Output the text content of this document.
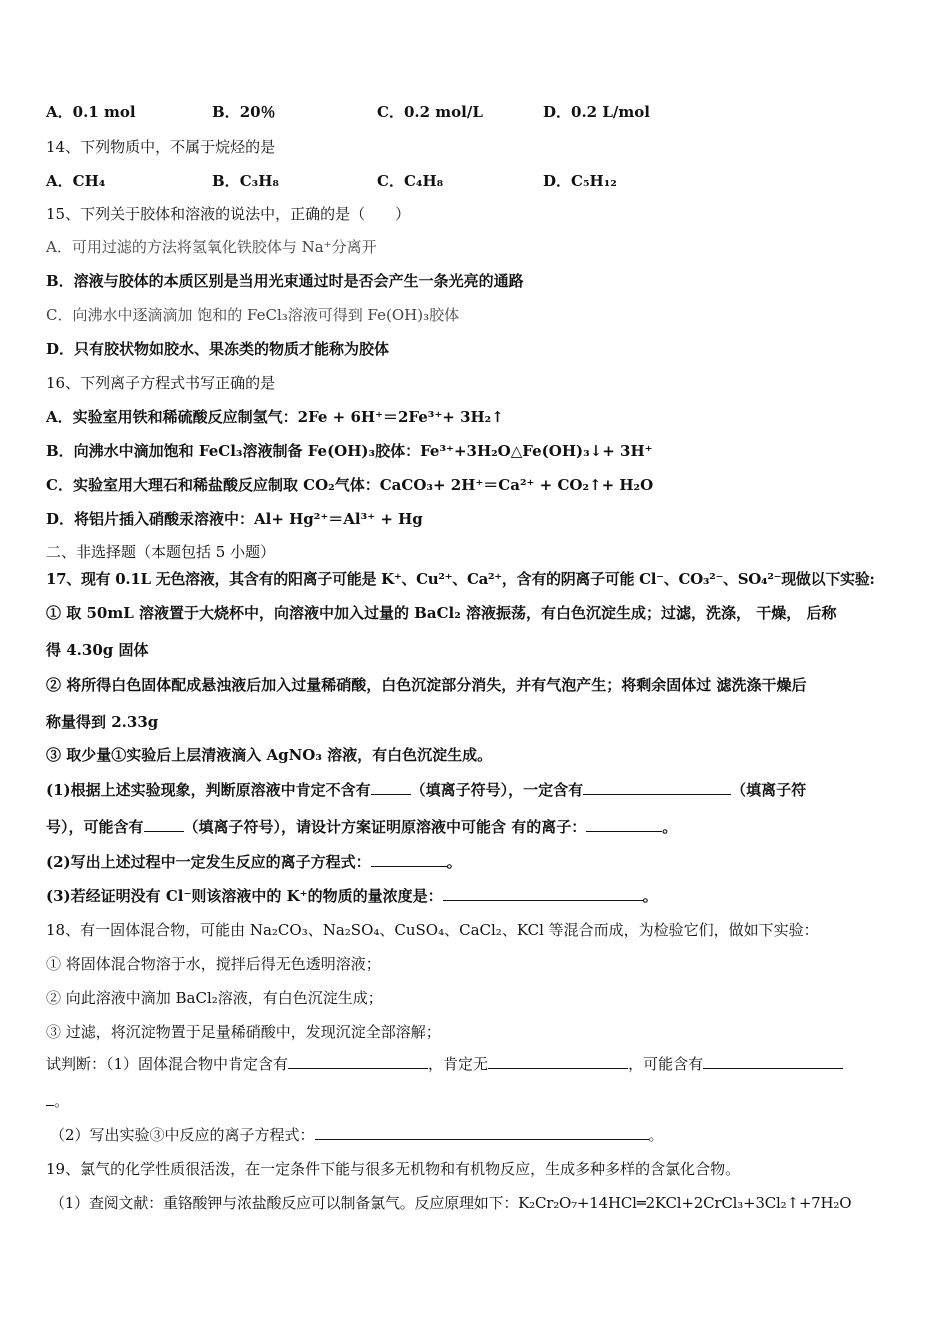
A．0.1 mol	B．20％	C．0.2 mol/L	D．0.2 L/mol
14、下列物质中，不属于烷烃的是
A．CH₄	B．C₃H₈	C．C₄H₈	D．C₅H₁₂
15、下列关于胶体和溶液的说法中，正确的是（　　）
A．可用过滤的方法将氢氧化铁胶体与 Na⁺分离开
B．溶液与胶体的本质区别是当用光束通过时是否会产生一条光亮的通路
C．向沸水中逐滴滴加 饱和的 FeCl₃溶液可得到 Fe(OH)₃胶体
D．只有胶状物如胶水、果冻类的物质才能称为胶体
16、下列离子方程式书写正确的是
A．实验室用铁和稀硫酸反应制氢气：2Fe + 6H⁺＝2Fe³⁺+ 3H₂↑
B．向沸水中滴加饱和 FeCl₃溶液制备 Fe(OH)₃胶体：Fe³⁺+3H₂O△Fe(OH)₃↓+ 3H⁺
C．实验室用大理石和稀盐酸反应制取 CO₂气体：CaCO₃+ 2H⁺＝Ca²⁺ + CO₂↑+ H₂O
D．将铝片插入硝酸汞溶液中：Al+ Hg²⁺＝Al³⁺ + Hg
二、非选择题（本题包括 5 小题）
17、现有 0.1L 无色溶液，其含有的阳离子可能是 K⁺、Cu²⁺、Ca²⁺，含有的阴离子可能 Cl⁻、CO₃²⁻、SO₄²⁻现做以下实验:
① 取 50mL 溶液置于大烧杯中，向溶液中加入过量的 BaCl₂ 溶液振荡，有白色沉淀生成；过滤，洗涤， 干燥， 后称
得 4.30g 固体
② 将所得白色固体配成悬浊液后加入过量稀硝酸，白色沉淀部分消失，并有气泡产生；将剩余固体过 滤洗涤干燥后
称量得到 2.33g
③ 取少量①实验后上层清液滴入 AgNO₃ 溶液，有白色沉淀生成。
(1)根据上述实验现象，判断原溶液中肯定不含有	（填离子符号），一定含有	（填离子符
号），可能含有	（填离子符号），请设计方案证明原溶液中可能含 有的离子：	。
(2)写出上述过程中一定发生反应的离子方程式：	。
(3)若经证明没有 Cl⁻则该溶液中的 K⁺的物质的量浓度是：	。
18、有一固体混合物，可能由 Na₂CO₃、Na₂SO₄、CuSO₄、CaCl₂、KCl 等混合而成，为检验它们，做如下实验：
① 将固体混合物溶于水，搅拌后得无色透明溶液；
② 向此溶液中滴加 BaCl₂溶液，有白色沉淀生成；
③ 过滤，将沉淀物置于足量稀硝酸中，发现沉淀全部溶解；
试判断：（1）固体混合物中肯定含有	，肯定无	，可能含有
。
（2）写出实验③中反应的离子方程式：	。
19、氯气的化学性质很活泼，在一定条件下能与很多无机物和有机物反应，生成多种多样的含氯化合物。
（1）查阅文献：重铬酸钾与浓盐酸反应可以制备氯气。反应原理如下：K₂Cr₂O₇+14HCl═2KCl+2CrCl₃+3Cl₂↑+7H₂O
